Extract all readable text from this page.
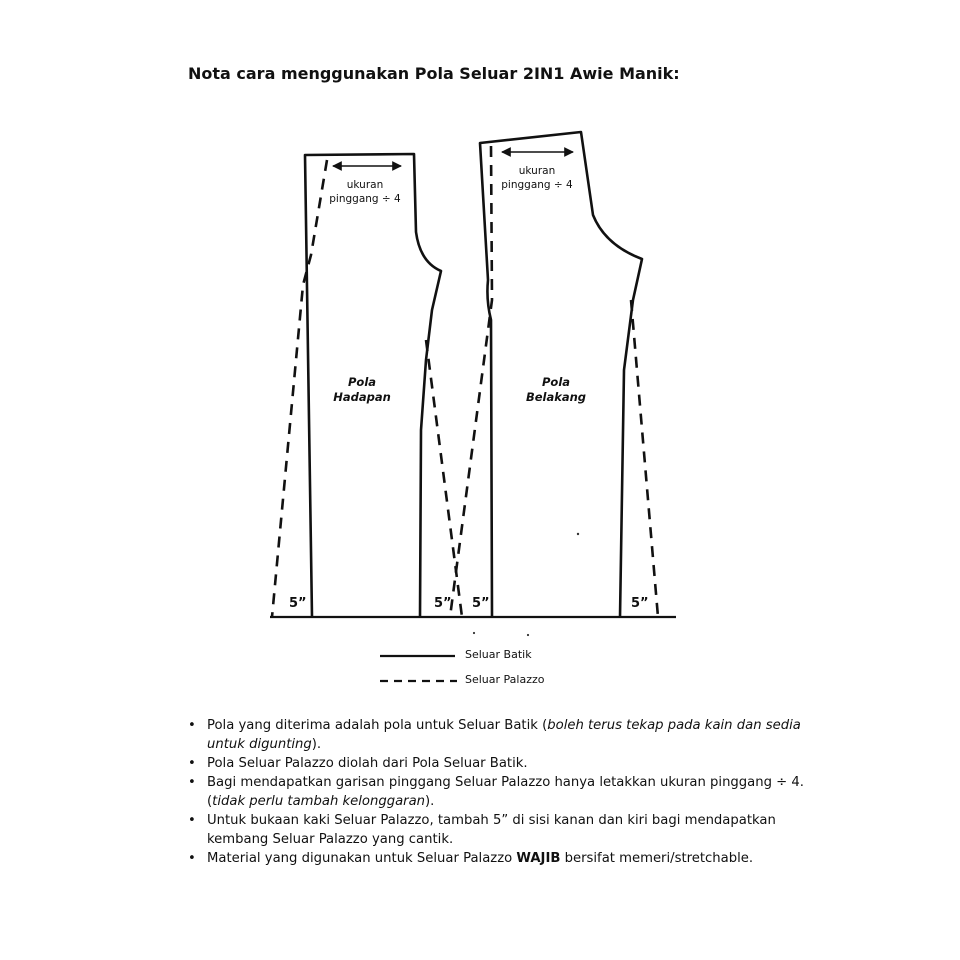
Nota cara menggunakan Pola Seluar 2IN1 Awie Manik:
ukuran
pinggang ÷ 4
Pola
Hadapan
5”	5”
ukuran
pinggang ÷ 4
Pola
Belakang
5”	5”
Seluar Batik
Seluar Palazzo
• Pola yang diterima adalah pola untuk Seluar Batik (boleh terus tekap pada kain dan sedia
untuk digunting).
• Pola Seluar Palazzo diolah dari Pola Seluar Batik.
• Bagi mendapatkan garisan pinggang Seluar Palazzo hanya letakkan ukuran pinggang ÷ 4.
(tidak perlu tambah kelonggaran).
• Untuk bukaan kaki Seluar Palazzo, tambah 5” di sisi kanan dan kiri bagi mendapatkan
kembang Seluar Palazzo yang cantik.
• Material yang digunakan untuk Seluar Palazzo WAJIB bersifat memeri/stretchable.
